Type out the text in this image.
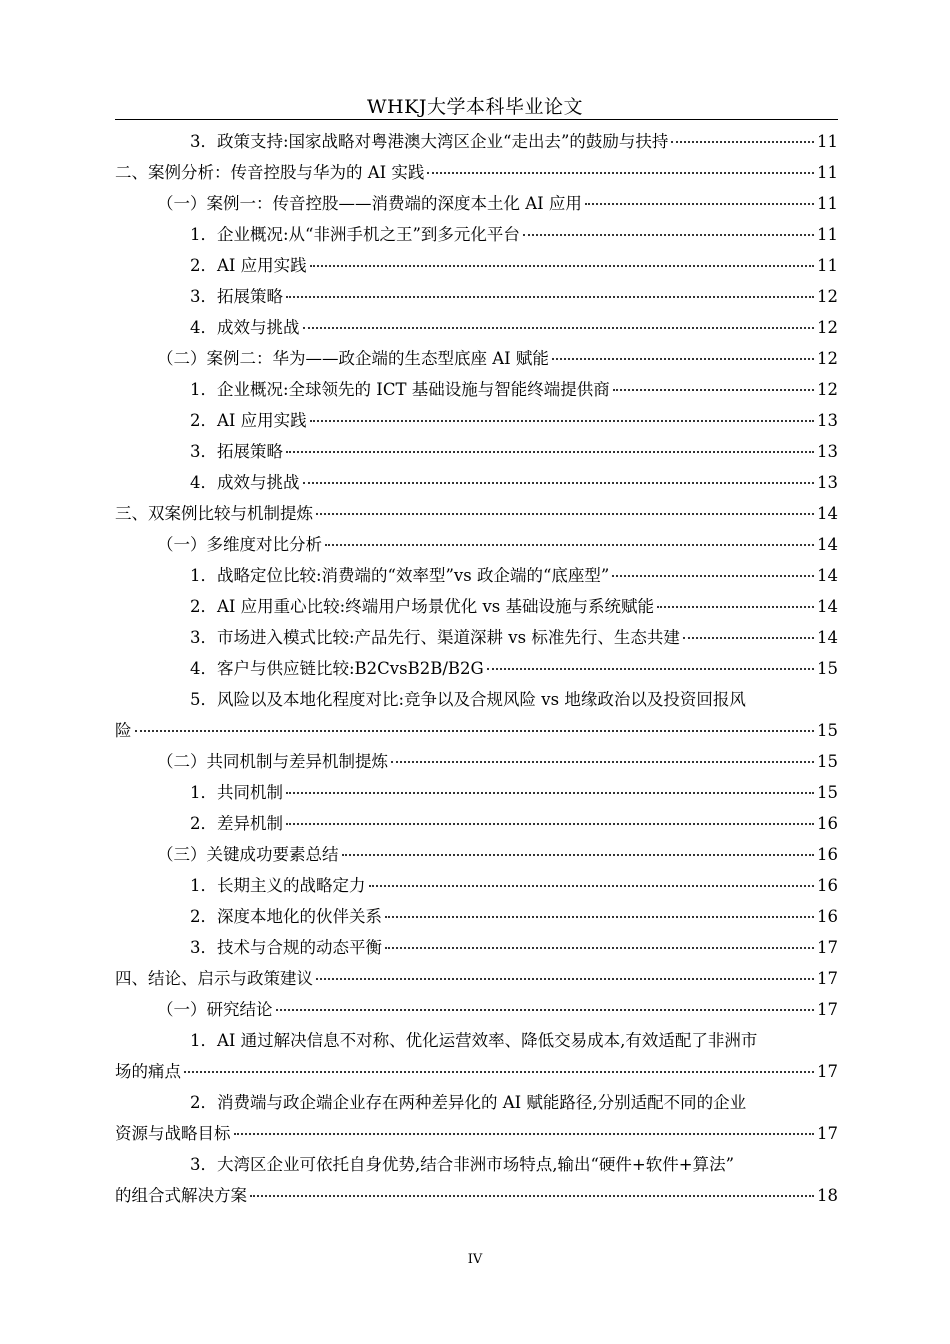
WHKJ大学本科毕业论文
3．政策支持:国家战略对粤港澳大湾区企业“走出去”的鼓励与扶持	11
二、案例分析：传音控股与华为的 AI 实践	11
（一）案例一：传音控股——消费端的深度本土化 AI 应用	11
1．企业概况:从“非洲手机之王”到多元化平台	11
2．AI 应用实践	11
3．拓展策略	12
4．成效与挑战	12
（二）案例二：华为——政企端的生态型底座 AI 赋能	12
1．企业概况:全球领先的 ICT 基础设施与智能终端提供商	12
2．AI 应用实践	13
3．拓展策略	13
4．成效与挑战	13
三、双案例比较与机制提炼	14
（一）多维度对比分析	14
1．战略定位比较:消费端的“效率型”vs 政企端的“底座型”	14
2．AI 应用重心比较:终端用户场景优化 vs 基础设施与系统赋能	14
3．市场进入模式比较:产品先行、渠道深耕 vs 标准先行、生态共建	14
4．客户与供应链比较:B2CvsB2B/B2G	15
5．风险以及本地化程度对比:竞争以及合规风险 vs 地缘政治以及投资回报风
险	15
（二）共同机制与差异机制提炼	15
1．共同机制	15
2．差异机制	16
（三）关键成功要素总结	16
1．长期主义的战略定力	16
2．深度本地化的伙伴关系	16
3．技术与合规的动态平衡	17
四、结论、启示与政策建议	17
（一）研究结论	17
1．AI 通过解决信息不对称、优化运营效率、降低交易成本,有效适配了非洲市
场的痛点	17
2．消费端与政企端企业存在两种差异化的 AI 赋能路径,分别适配不同的企业
资源与战略目标	17
3．大湾区企业可依托自身优势,结合非洲市场特点,输出“硬件+软件+算法”
的组合式解决方案	18
IV
